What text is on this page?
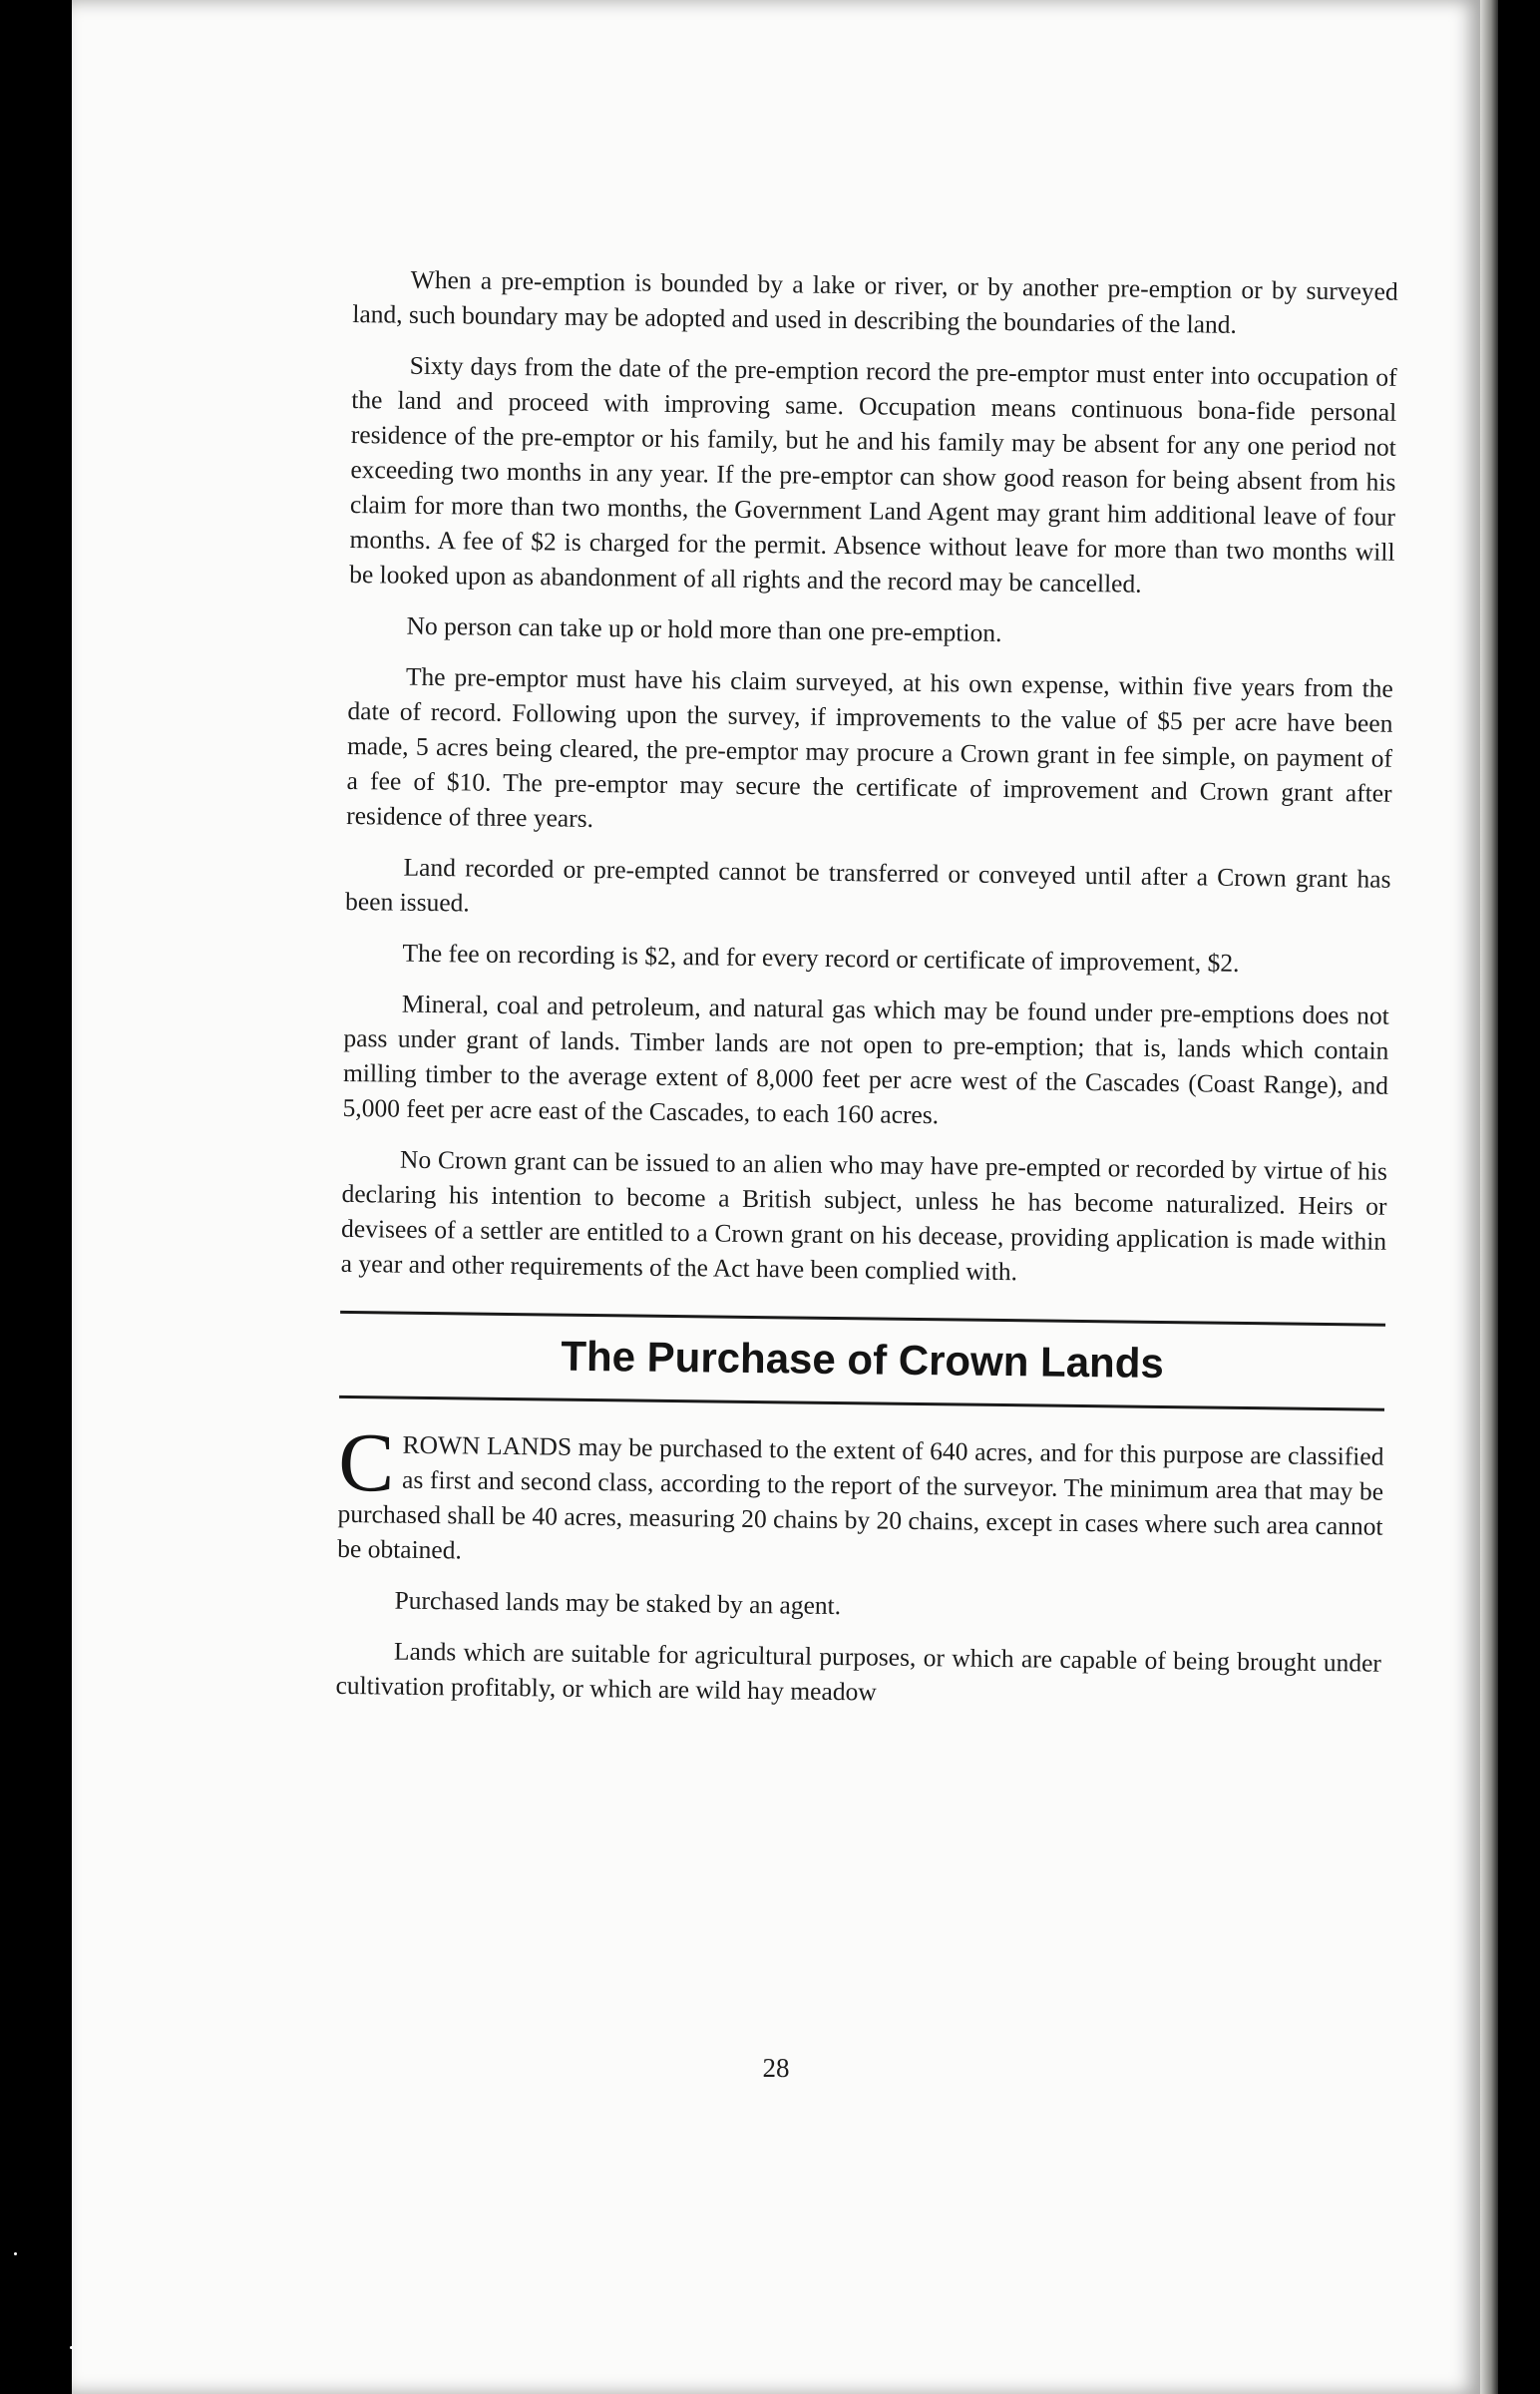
When a pre-emption is bounded by a lake or river, or by another pre-emption or by surveyed land, such boundary may be adopted and used in describing the boundaries of the land.

Sixty days from the date of the pre-emption record the pre-emptor must enter into occupation of the land and proceed with improving same. Occupation means continuous bona-fide personal residence of the pre-emptor or his family, but he and his family may be absent for any one period not exceeding two months in any year. If the pre-emptor can show good reason for being absent from his claim for more than two months, the Government Land Agent may grant him additional leave of four months. A fee of $2 is charged for the permit. Absence without leave for more than two months will be looked upon as abandonment of all rights and the record may be cancelled.

No person can take up or hold more than one pre-emption.

The pre-emptor must have his claim surveyed, at his own expense, within five years from the date of record. Following upon the survey, if improvements to the value of $5 per acre have been made, 5 acres being cleared, the pre-emptor may procure a Crown grant in fee simple, on payment of a fee of $10. The pre-emptor may secure the certificate of improvement and Crown grant after residence of three years.

Land recorded or pre-empted cannot be transferred or conveyed until after a Crown grant has been issued.

The fee on recording is $2, and for every record or certificate of improvement, $2.

Mineral, coal and petroleum, and natural gas which may be found under pre-emptions does not pass under grant of lands. Timber lands are not open to pre-emption; that is, lands which contain milling timber to the average extent of 8,000 feet per acre west of the Cascades (Coast Range), and 5,000 feet per acre east of the Cascades, to each 160 acres.

No Crown grant can be issued to an alien who may have pre-empted or recorded by virtue of his declaring his intention to become a British subject, unless he has become naturalized. Heirs or devisees of a settler are entitled to a Crown grant on his decease, providing application is made within a year and other requirements of the Act have been complied with.

The Purchase of Crown Lands

CROWN LANDS may be purchased to the extent of 640 acres, and for this purpose are classified as first and second class, according to the report of the surveyor. The minimum area that may be purchased shall be 40 acres, measuring 20 chains by 20 chains, except in cases where such area cannot be obtained.

Purchased lands may be staked by an agent.

Lands which are suitable for agricultural purposes, or which are capable of being brought under cultivation profitably, or which are wild hay meadow

28
